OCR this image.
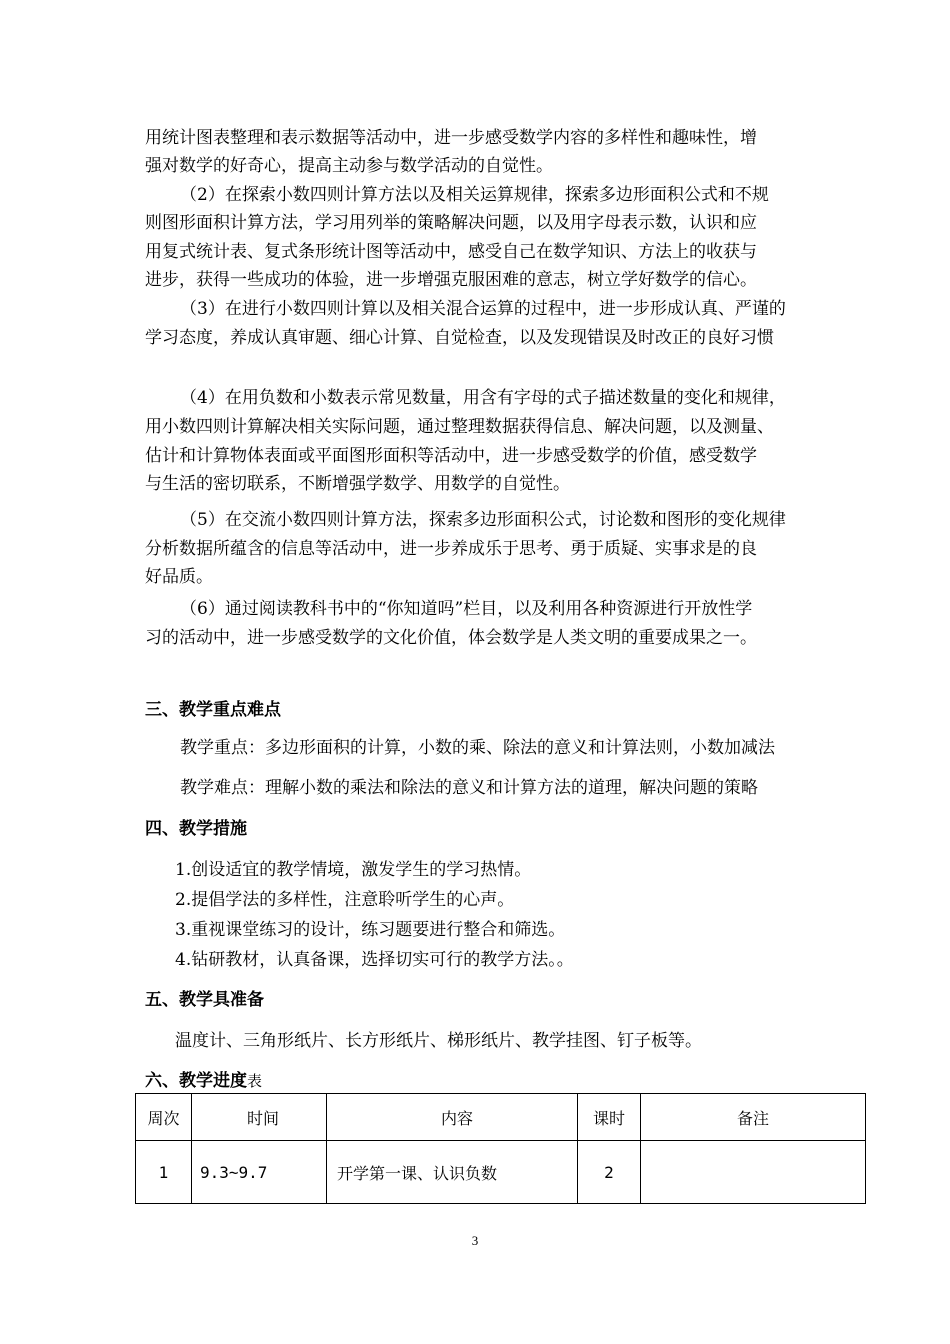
用统计图表整理和表示数据等活动中，进一步感受数学内容的多样性和趣味性，增
强对数学的好奇心，提高主动参与数学活动的自觉性。
（2）在探索小数四则计算方法以及相关运算规律，探索多边形面积公式和不规
则图形面积计算方法，学习用列举的策略解决问题，以及用字母表示数，认识和应
用复式统计表、复式条形统计图等活动中，感受自己在数学知识、方法上的收获与
进步，获得一些成功的体验，进一步增强克服困难的意志，树立学好数学的信心。
（3）在进行小数四则计算以及相关混合运算的过程中，进一步形成认真、严谨的
学习态度，养成认真审题、细心计算、自觉检查，以及发现错误及时改正的良好习惯
（4）在用负数和小数表示常见数量，用含有字母的式子描述数量的变化和规律，
用小数四则计算解决相关实际问题，通过整理数据获得信息、解决问题，以及测量、
估计和计算物体表面或平面图形面积等活动中，进一步感受数学的价值，感受数学
与生活的密切联系，不断增强学数学、用数学的自觉性。
（5）在交流小数四则计算方法，探索多边形面积公式，讨论数和图形的变化规律
分析数据所蕴含的信息等活动中，进一步养成乐于思考、勇于质疑、实事求是的良
好品质。
（6）通过阅读教科书中的“你知道吗”栏目，以及利用各种资源进行开放性学
习的活动中，进一步感受数学的文化价值，体会数学是人类文明的重要成果之一。
三、教学重点难点
教学重点：多边形面积的计算，小数的乘、除法的意义和计算法则，小数加减法
教学难点：理解小数的乘法和除法的意义和计算方法的道理，解决问题的策略
四、教学措施
1.创设适宜的教学情境，激发学生的学习热情。
2.提倡学法的多样性，注意聆听学生的心声。
3.重视课堂练习的设计，练习题要进行整合和筛选。
4.钻研教材，认真备课，选择切实可行的教学方法。。
五、教学具准备
温度计、三角形纸片、长方形纸片、梯形纸片、教学挂图、钉子板等。
六、教学进度表
周次	时间	内容	课时	备注
1	9.3~9.7	开学第一课、认识负数	2	
3
